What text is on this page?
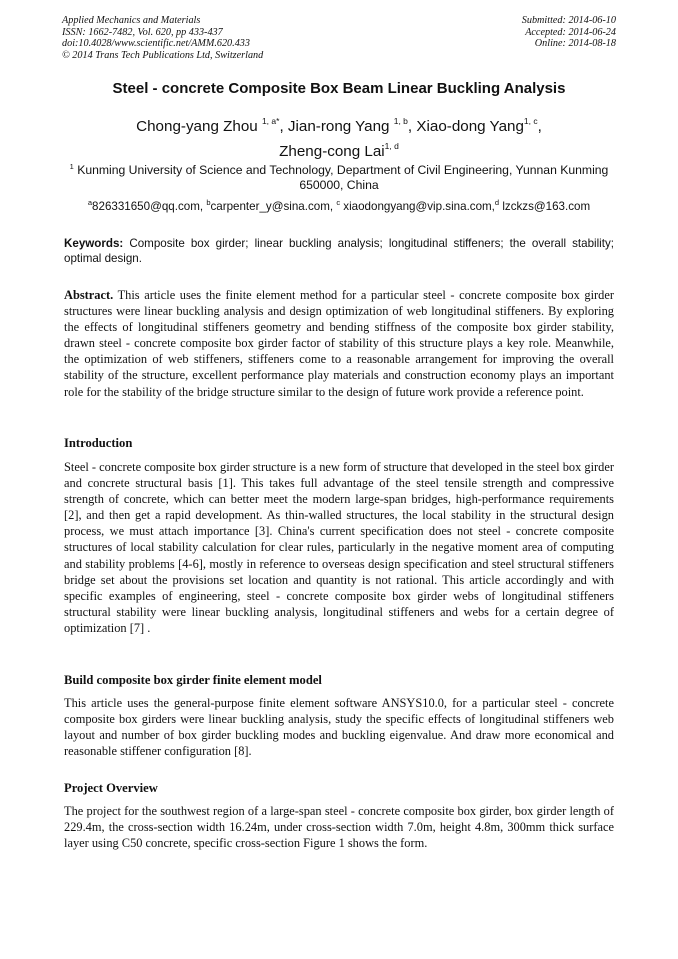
Applied Mechanics and Materials
ISSN: 1662-7482, Vol. 620, pp 433-437
doi:10.4028/www.scientific.net/AMM.620.433
© 2014 Trans Tech Publications Ltd, Switzerland
Submitted: 2014-06-10
Accepted: 2014-06-24
Online: 2014-08-18
Steel - concrete Composite Box Beam Linear Buckling Analysis
Chong-yang Zhou $^{1, a*}$, Jian-rong Yang $^{1, b}$, Xiao-dong Yang$^{1, c}$,
Zheng-cong Lai$^{1, d}$
$^1$ Kunming University of Science and Technology, Department of Civil Engineering, Yunnan Kunming 650000, China
$^a$826331650@qq.com, $^b$carpenter_y@sina.com, $^c$ xiaodongyang@vip.sina.com,$^d$ lzckzs@163.com
Keywords: Composite box girder; linear buckling analysis; longitudinal stiffeners; the overall stability; optimal design.
Abstract. This article uses the finite element method for a particular steel - concrete composite box girder structures were linear buckling analysis and design optimization of web longitudinal stiffeners. By exploring the effects of longitudinal stiffeners geometry and bending stiffness of the composite box girder stability, drawn steel - concrete composite box girder factor of stability of this structure plays a key role. Meanwhile, the optimization of web stiffeners, stiffeners come to a reasonable arrangement for improving the overall stability of the structure, excellent performance play materials and construction economy plays an important role for the stability of the bridge structure similar to the design of future work provide a reference point.
Introduction
Steel - concrete composite box girder structure is a new form of structure that developed in the steel box girder and concrete structural basis [1]. This takes full advantage of the steel tensile strength and compressive strength of concrete, which can better meet the modern large-span bridges, high-performance requirements [2], and then get a rapid development. As thin-walled structures, the local stability in the structural design process, we must attach importance [3]. China's current specification does not steel - concrete composite structures of local stability calculation for clear rules, particularly in the negative moment area of computing and stability problems [4-6], mostly in reference to overseas design specification and steel structural stiffeners bridge set about the provisions set location and quantity is not rational. This article accordingly and with specific examples of engineering, steel - concrete composite box girder webs of longitudinal stiffeners structural stability were linear buckling analysis, longitudinal stiffeners and webs for a certain degree of optimization [7] .
Build composite box girder finite element model
This article uses the general-purpose finite element software ANSYS10.0, for a particular steel - concrete composite box girders were linear buckling analysis, study the specific effects of longitudinal stiffeners web layout and number of box girder buckling modes and buckling eigenvalue. And draw more economical and reasonable stiffener configuration [8].
Project Overview
The project for the southwest region of a large-span steel - concrete composite box girder, box girder length of 229.4m, the cross-section width 16.24m, under cross-section width 7.0m, height 4.8m, 300mm thick surface layer using C50 concrete, specific cross-section Figure 1 shows the form.
